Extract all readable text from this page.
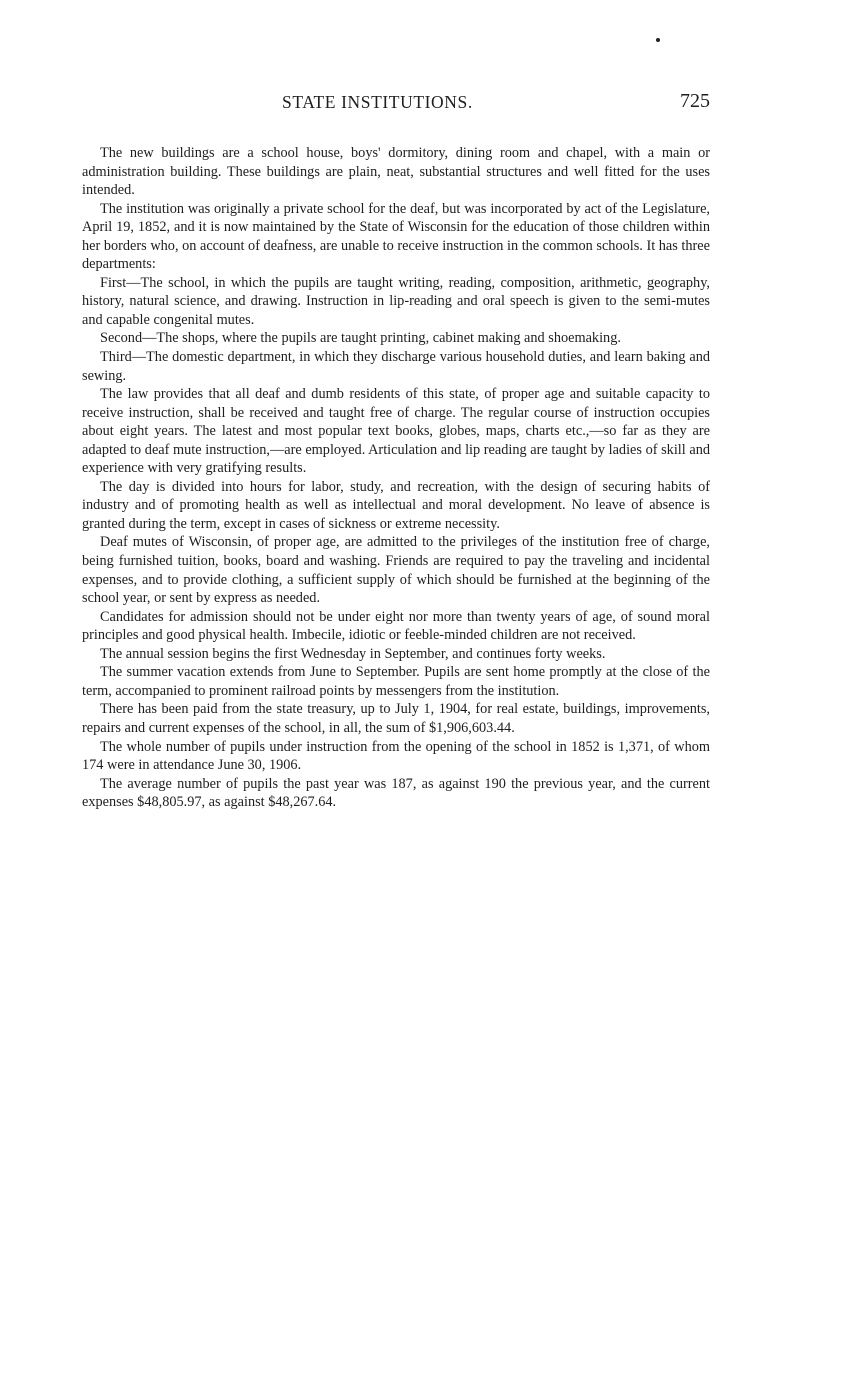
STATE INSTITUTIONS.	725

The new buildings are a school house, boys' dormitory, dining room and chapel, with a main or administration building. These buildings are plain, neat, substantial structures and well fitted for the uses intended.

The institution was originally a private school for the deaf, but was incorporated by act of the Legislature, April 19, 1852, and it is now maintained by the State of Wisconsin for the education of those children within her borders who, on account of deafness, are unable to receive instruction in the common schools. It has three departments:

First—The school, in which the pupils are taught writing, reading, composition, arithmetic, geography, history, natural science, and drawing. Instruction in lip-reading and oral speech is given to the semi-mutes and capable congenital mutes.

Second—The shops, where the pupils are taught printing, cabinet making and shoemaking.

Third—The domestic department, in which they discharge various household duties, and learn baking and sewing.

The law provides that all deaf and dumb residents of this state, of proper age and suitable capacity to receive instruction, shall be received and taught free of charge. The regular course of instruction occupies about eight years. The latest and most popular text books, globes, maps, charts etc.,—so far as they are adapted to deaf mute instruction,—are employed. Articulation and lip reading are taught by ladies of skill and experience with very gratifying results.

The day is divided into hours for labor, study, and recreation, with the design of securing habits of industry and of promoting health as well as intellectual and moral development. No leave of absence is granted during the term, except in cases of sickness or extreme necessity.

Deaf mutes of Wisconsin, of proper age, are admitted to the privileges of the institution free of charge, being furnished tuition, books, board and washing. Friends are required to pay the traveling and incidental expenses, and to provide clothing, a sufficient supply of which should be furnished at the beginning of the school year, or sent by express as needed.

Candidates for admission should not be under eight nor more than twenty years of age, of sound moral principles and good physical health. Imbecile, idiotic or feeble-minded children are not received.

The annual session begins the first Wednesday in September, and continues forty weeks.

The summer vacation extends from June to September. Pupils are sent home promptly at the close of the term, accompanied to prominent railroad points by messengers from the institution.

There has been paid from the state treasury, up to July 1, 1904, for real estate, buildings, improvements, repairs and current expenses of the school, in all, the sum of $1,906,603.44.

The whole number of pupils under instruction from the opening of the school in 1852 is 1,371, of whom 174 were in attendance June 30, 1906.

The average number of pupils the past year was 187, as against 190 the previous year, and the current expenses $48,805.97, as against $48,267.64.
